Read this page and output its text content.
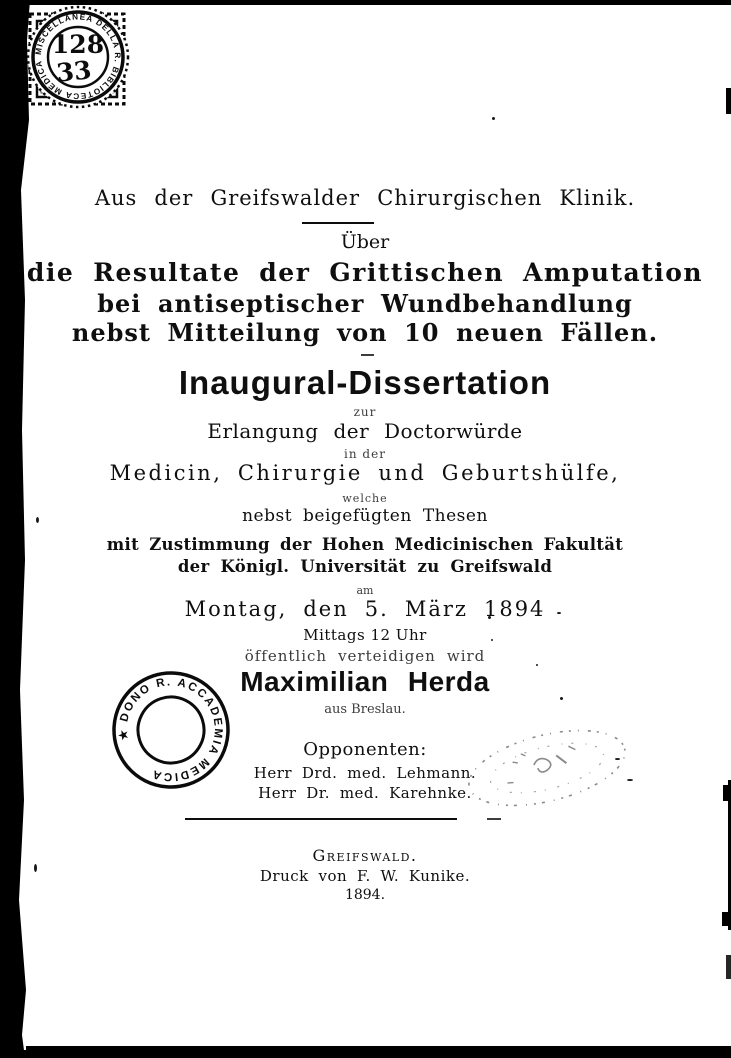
MISCELLANEA DELLA R. BIBLIOTECA MEDICA
128
33
Aus der Greifswalder Chirurgischen Klinik.
Über
die Resultate der Grittischen Amputation
bei antiseptischer Wundbehandlung
nebst Mitteilung von 10 neuen Fällen.
Inaugural-Dissertation
zur
Erlangung der Doctorwürde
in der
Medicin, Chirurgie und Geburtshülfe,
welche
nebst beigefügten Thesen
mit Zustimmung der Hohen Medicinischen Fakultät
der Königl. Universität zu Greifswald
am
Montag, den 5. März 1894
Mittags 12 Uhr
öffentlich verteidigen wird
Maximilian Herda
aus Breslau.
Opponenten:
Herr Drd. med. Lehmann.
Herr Dr. med. Karehnke.
Greifswald.
Druck von F. W. Kunike.
1894.
★ DONO R. ACCADEMIA MEDICA
